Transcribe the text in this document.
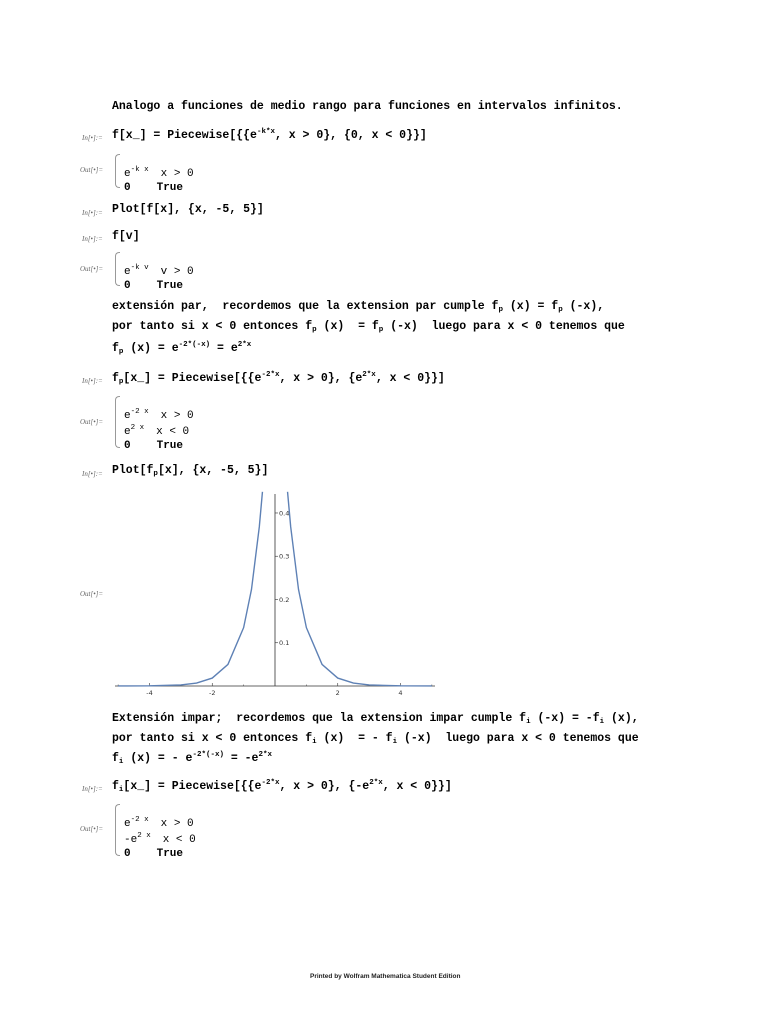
Analogo a funciones de medio rango para funciones en intervalos infinitos.
In[•]:= f[x_] = $Piecewise[\{\{e^{-k*x}$, x > 0}, {0, x < 0}}]
Out[•]= $e^{-k x}$ x > 0
0 True
In[•]:= Plot[f[x], {x, -5, 5}]
In[•]:= f[v]
Out[•]= $e^{-k v}$ v > 0
0 True
extensión par,  recordemos que la extension par cumple $f_p$ $(x) = f_p$ (-x),
por tanto si x < 0 entonces $f_p$ $(x) = f_p$ (-x)  luego para x < 0 tenemos que
$f_p$ $(x) = e^{-2*(-x)} = e^{2*x}$
In[•]:= $f_p[x\_]$ = $Piecewise[\{\{e^{-2*x}$, x > 0}, {$e^{2*x}$, x < 0}}]
Out[•]= $e^{-2 x}$ x > 0
$e^{2 x}$ x < 0
0 True
In[•]:= $Plot[f_p[x]$, {x, -5, 5}]
Out[•]=
-4	-2	2	4
0.1
0.2
0.3
0.4
Extensión impar;  recordemos que la extension impar cumple $f_i$ $(-x) = -f_i$ (x),
por tanto si x < 0 entonces $f_i$ (x)  = - $f_i$ (-x)  luego para x < 0 tenemos que
$f_i$ (x) = - $e^{-2*(-x)} = -e^{2*x}$
In[•]:= $f_i[x\_]$ = $Piecewise[\{\{e^{-2*x}$, x > 0}, {$-e^{2*x}$, x < 0}}]
Out[•]= $e^{-2 x}$ x > 0
$-e^{2 x}$ x < 0
0 True
Printed by Wolfram Mathematica Student Edition
